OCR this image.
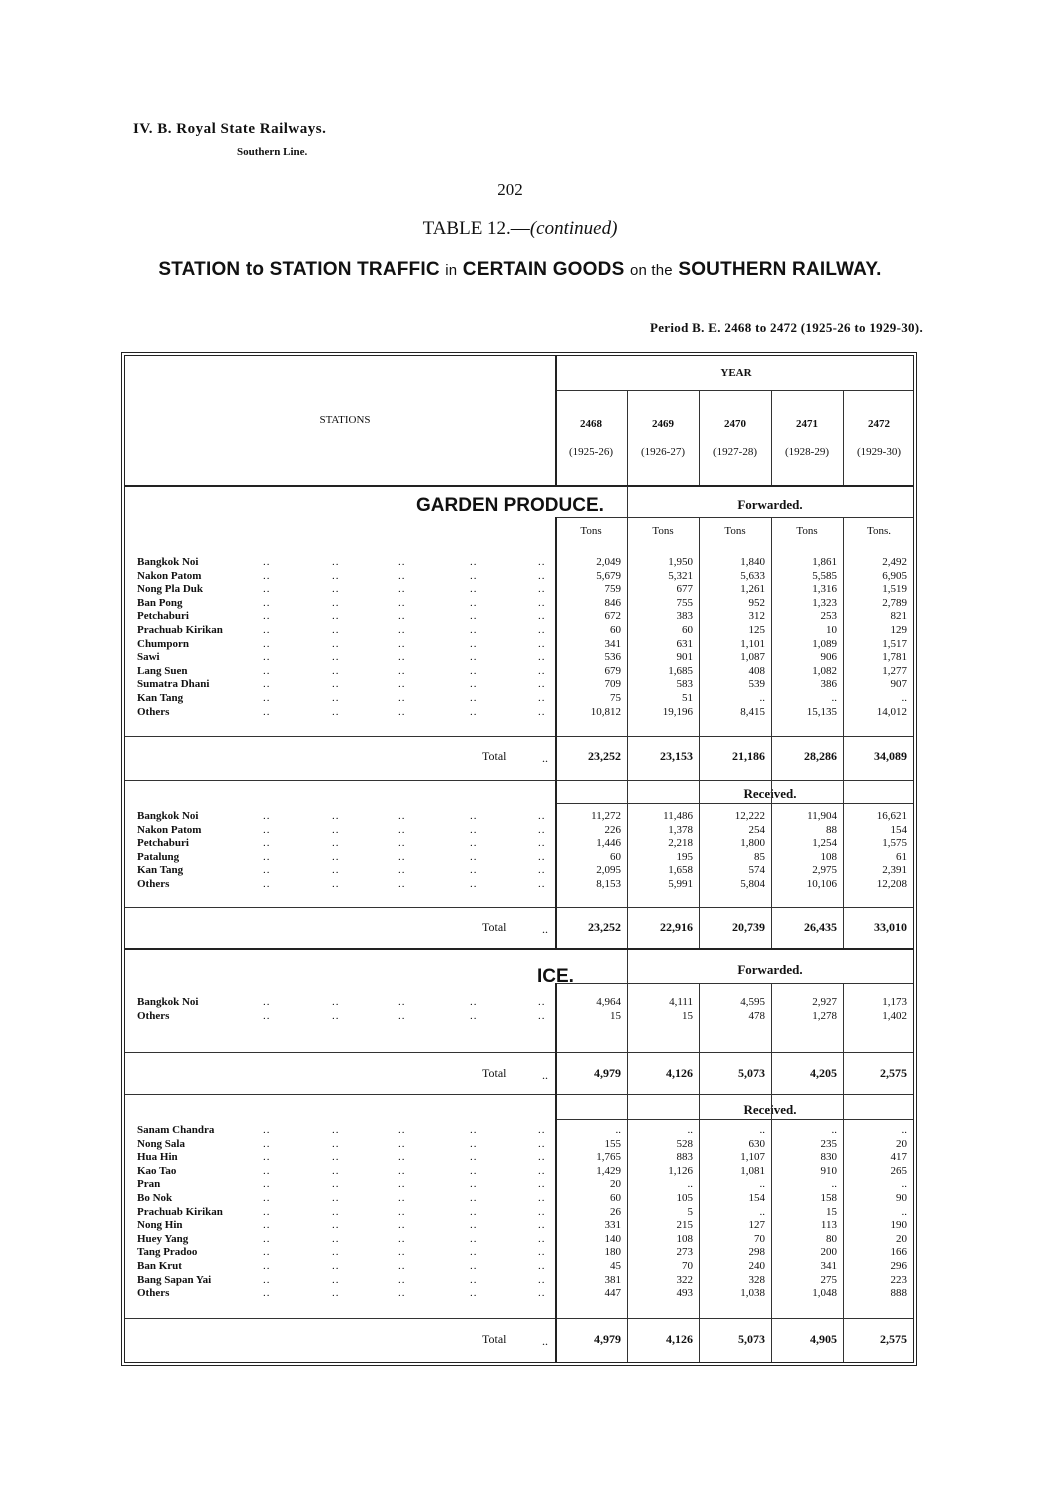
IV. B. Royal State Railways.
Southern Line.
202
TABLE 12.—(continued)
STATION to STATION TRAFFIC in CERTAIN GOODS on the SOUTHERN RAILWAY.
Period B. E. 2468 to 2472 (1925-26 to 1929-30).
STATIONS
YEAR
2468	2469	2470	2471	2472
(1925-26)	(1926-27)	(1927-28)	(1928-29)	(1929-30)
GARDEN PRODUCE.	Forwarded.
Tons	Tons	Tons	Tons	Tons.
Bangkok Noi	..	..	..	..	..	2,049	1,950	1,840	1,861	2,492
Nakon Patom	..	..	..	..	..	5,679	5,321	5,633	5,585	6,905
Nong Pla Duk	..	..	..	..	..	759	677	1,261	1,316	1,519
Ban Pong	..	..	..	..	..	846	755	952	1,323	2,789
Petchaburi	..	..	..	..	..	672	383	312	253	821
Prachuab Kirikan	..	..	..	..	..	60	60	125	10	129
Chumporn	..	..	..	..	..	341	631	1,101	1,089	1,517
Sawi	..	..	..	..	..	536	901	1,087	906	1,781
Lang Suen	..	..	..	..	..	679	1,685	408	1,082	1,277
Sumatra Dhani	..	..	..	..	..	709	583	539	386	907
Kan Tang	..	..	..	..	..	75	51	..	..	..
Others	..	..	..	..	..	10,812	19,196	8,415	15,135	14,012
Total	..	23,252	23,153	21,186	28,286	34,089
Received.
Bangkok Noi	..	..	..	..	..	11,272	11,486	12,222	11,904	16,621
Nakon Patom	..	..	..	..	..	226	1,378	254	88	154
Petchaburi	..	..	..	..	..	1,446	2,218	1,800	1,254	1,575
Patalung	..	..	..	..	..	60	195	85	108	61
Kan Tang	..	..	..	..	..	2,095	1,658	574	2,975	2,391
Others	..	..	..	..	..	8,153	5,991	5,804	10,106	12,208
Total	..	23,252	22,916	20,739	26,435	33,010
ICE.	Forwarded.
Bangkok Noi	..	..	..	..	..	4,964	4,111	4,595	2,927	1,173
Others	..	..	..	..	..	15	15	478	1,278	1,402
Total	..	4,979	4,126	5,073	4,205	2,575
Received.
Sanam Chandra	..	..	..	..	..	..	..	..	..	..
Nong Sala	..	..	..	..	..	155	528	630	235	20
Hua Hin	..	..	..	..	..	1,765	883	1,107	830	417
Kao Tao	..	..	..	..	..	1,429	1,126	1,081	910	265
Pran	..	..	..	..	..	20	..	..	..	..
Bo Nok	..	..	..	..	..	60	105	154	158	90
Prachuab Kirikan	..	..	..	..	..	26	5	..	15	..
Nong Hin	..	..	..	..	..	331	215	127	113	190
Huey Yang	..	..	..	..	..	140	108	70	80	20
Tang Pradoo	..	..	..	..	..	180	273	298	200	166
Ban Krut	..	..	..	..	..	45	70	240	341	296
Bang Sapan Yai	..	..	..	..	..	381	322	328	275	223
Others	..	..	..	..	..	447	493	1,038	1,048	888
Total	..	4,979	4,126	5,073	4,905	2,575
